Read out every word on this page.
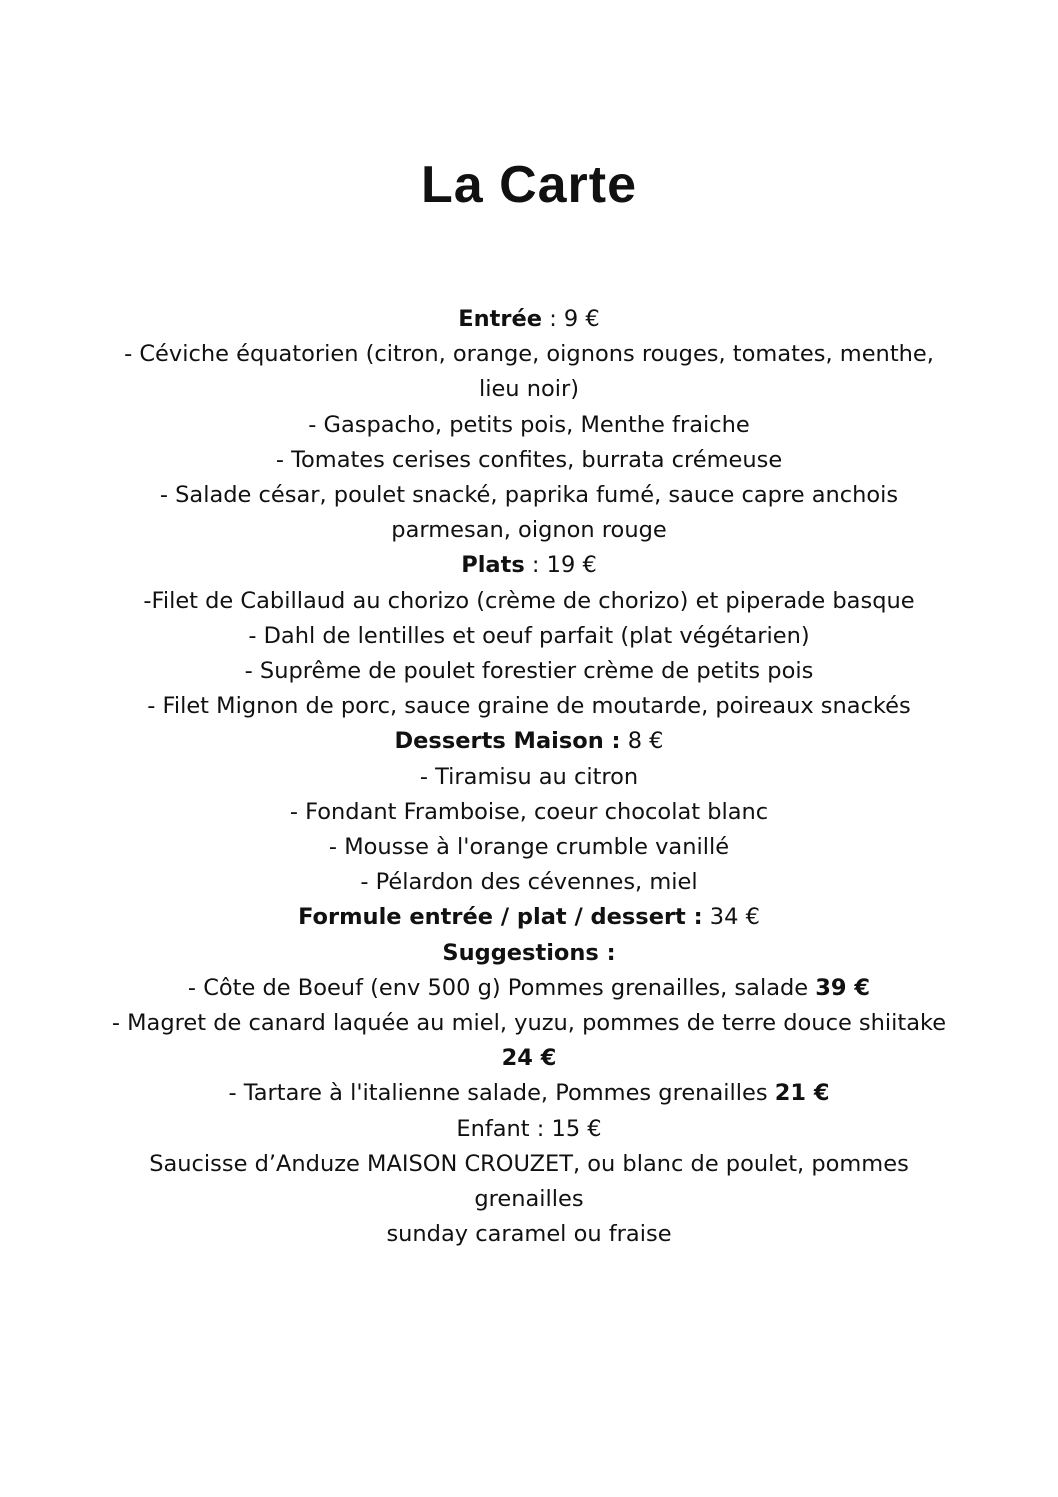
La Carte
Entrée : 9 €
- Céviche équatorien (citron, orange, oignons rouges, tomates, menthe,
lieu noir)
- Gaspacho, petits pois, Menthe fraiche
- Tomates cerises confites, burrata crémeuse
- Salade césar, poulet snacké, paprika fumé, sauce capre anchois
parmesan, oignon rouge
Plats : 19 €
-Filet de Cabillaud au chorizo (crème de chorizo) et piperade basque
- Dahl de lentilles et oeuf parfait (plat végétarien)
- Suprême de poulet forestier crème de petits pois
- Filet Mignon de porc, sauce graine de moutarde, poireaux snackés
Desserts Maison : 8 €
- Tiramisu au citron
- Fondant Framboise, coeur chocolat blanc
- Mousse à l'orange crumble vanillé
- Pélardon des cévennes, miel
Formule entrée / plat / dessert : 34 €
Suggestions :
- Côte de Boeuf (env 500 g) Pommes grenailles, salade 39 €
- Magret de canard laquée au miel, yuzu, pommes de terre douce shiitake
24 €
- Tartare à l'italienne salade, Pommes grenailles 21 €
Enfant : 15 €
Saucisse d’Anduze MAISON CROUZET, ou blanc de poulet, pommes
grenailles
sunday caramel ou fraise
